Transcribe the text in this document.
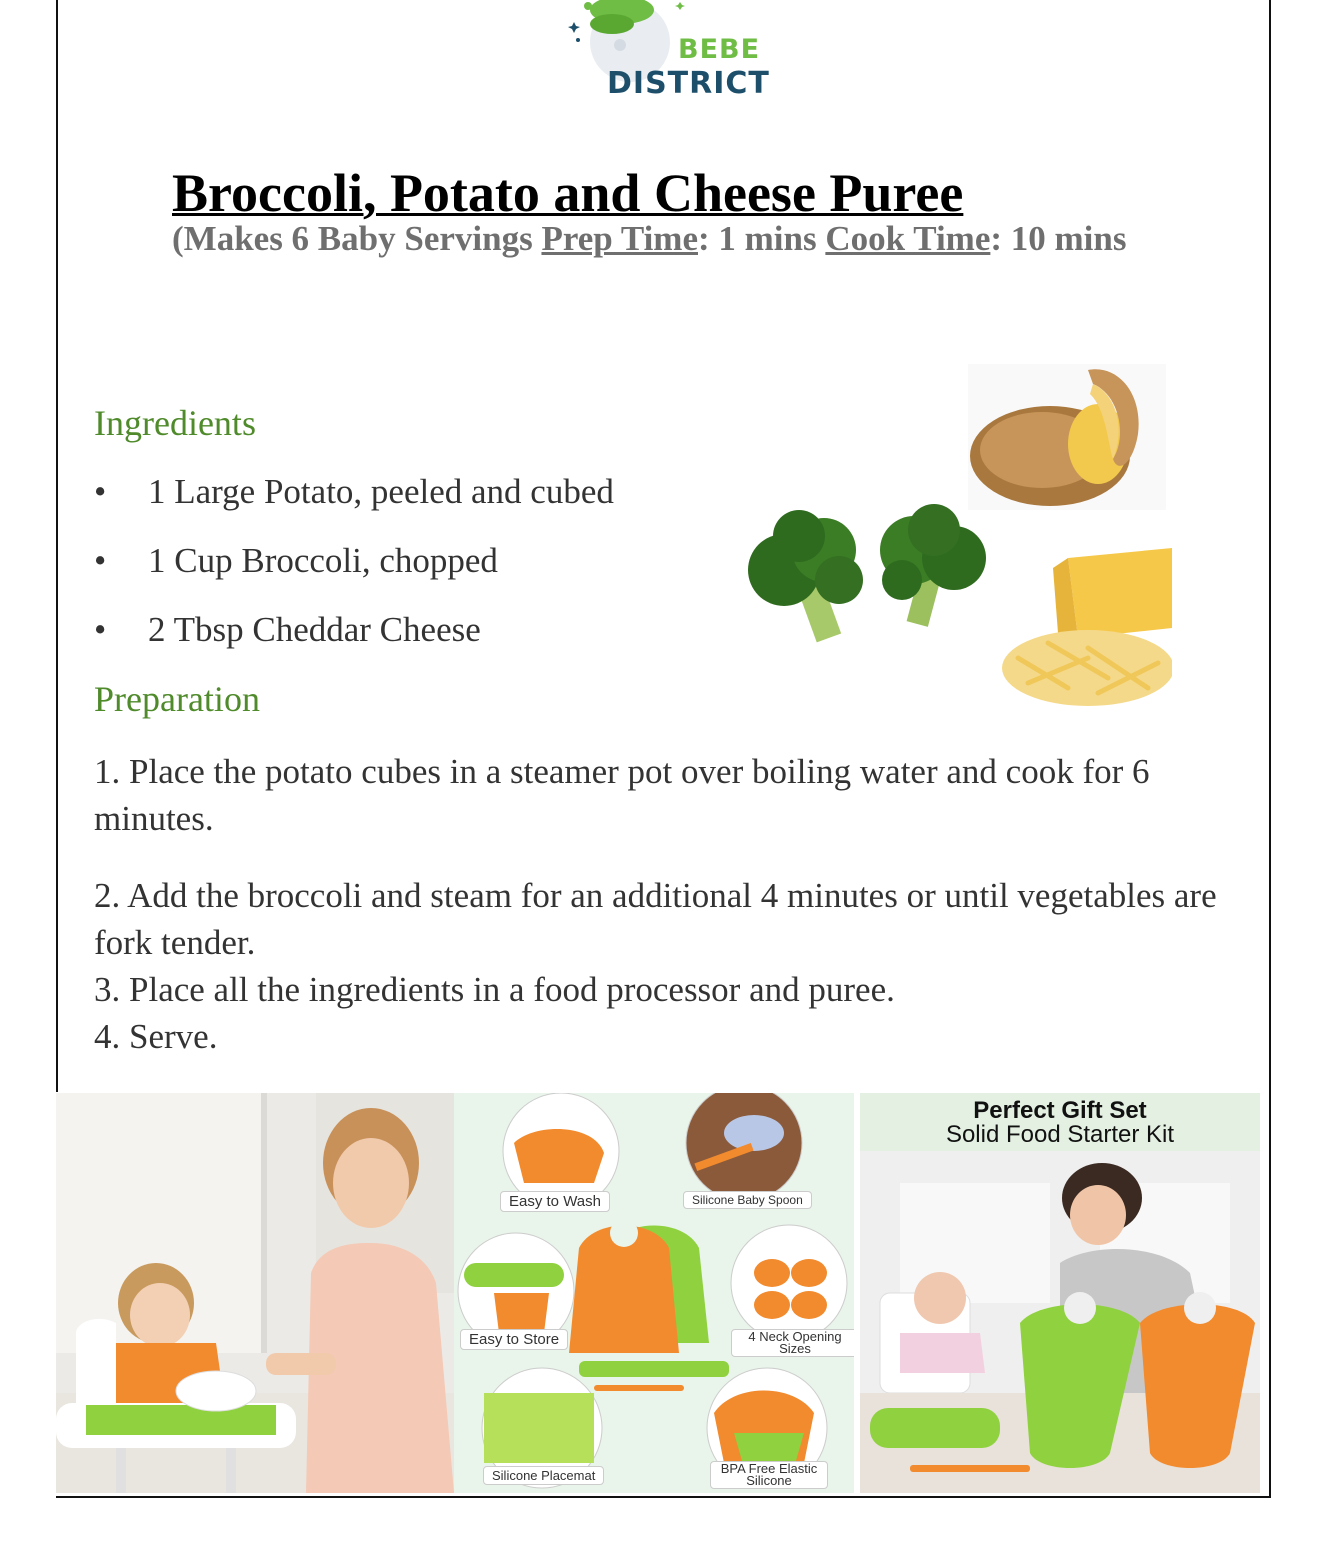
BEBE
DISTRICT
Broccoli, Potato and Cheese Puree
(Makes 6 Baby Servings Prep Time: 1 mins Cook Time: 10 mins
Ingredients
• 1 Large Potato, peeled and cubed
• 1 Cup Broccoli, chopped
• 2 Tbsp Cheddar Cheese
Preparation

1. Place the potato cubes in a steamer pot over boiling water and cook for 6 minutes.

2. Add the broccoli and steam for an additional 4 minutes or until vegetables are fork tender.

3. Place all the ingredients in a food processor and puree.

4. Serve.

Easy to Wash	Silicone Baby Spoon
Easy to Store	4 Neck Opening Sizes
Silicone Placemat	BPA Free Elastic Silicone
Perfect Gift Set
Solid Food Starter Kit
